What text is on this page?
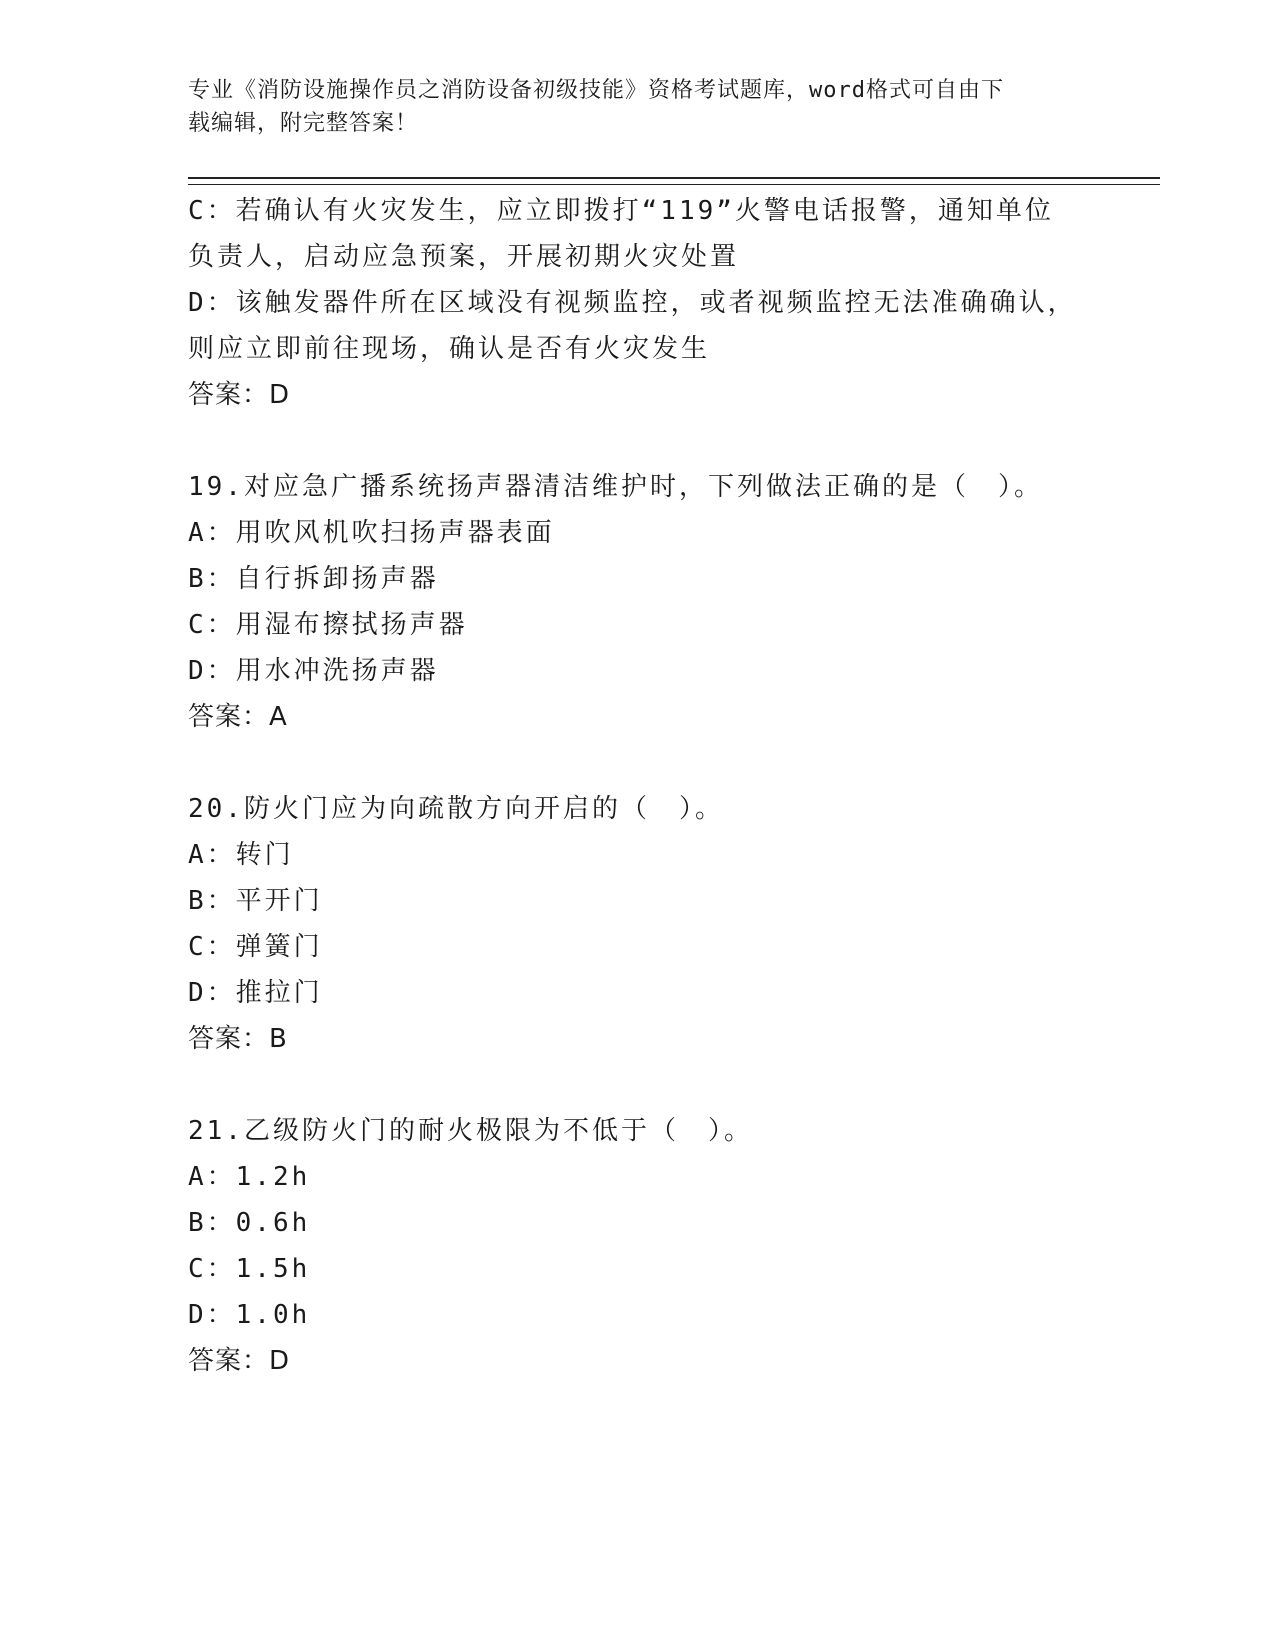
专业《消防设施操作员之消防设备初级技能》资格考试题库，word格式可自由下
载编辑，附完整答案！
C：若确认有火灾发生，应立即拨打“119”火警电话报警，通知单位
负责人，启动应急预案，开展初期火灾处置
D：该触发器件所在区域没有视频监控，或者视频监控无法准确确认，
则应立即前往现场，确认是否有火灾发生
答案：D
19.对应急广播系统扬声器清洁维护时，下列做法正确的是（　）。
A：用吹风机吹扫扬声器表面
B：自行拆卸扬声器
C：用湿布擦拭扬声器
D：用水冲洗扬声器
答案：A
20.防火门应为向疏散方向开启的（　）。
A：转门
B：平开门
C：弹簧门
D：推拉门
答案：B
21.乙级防火门的耐火极限为不低于（　）。
A：1.2h
B：0.6h
C：1.5h
D：1.0h
答案：D
